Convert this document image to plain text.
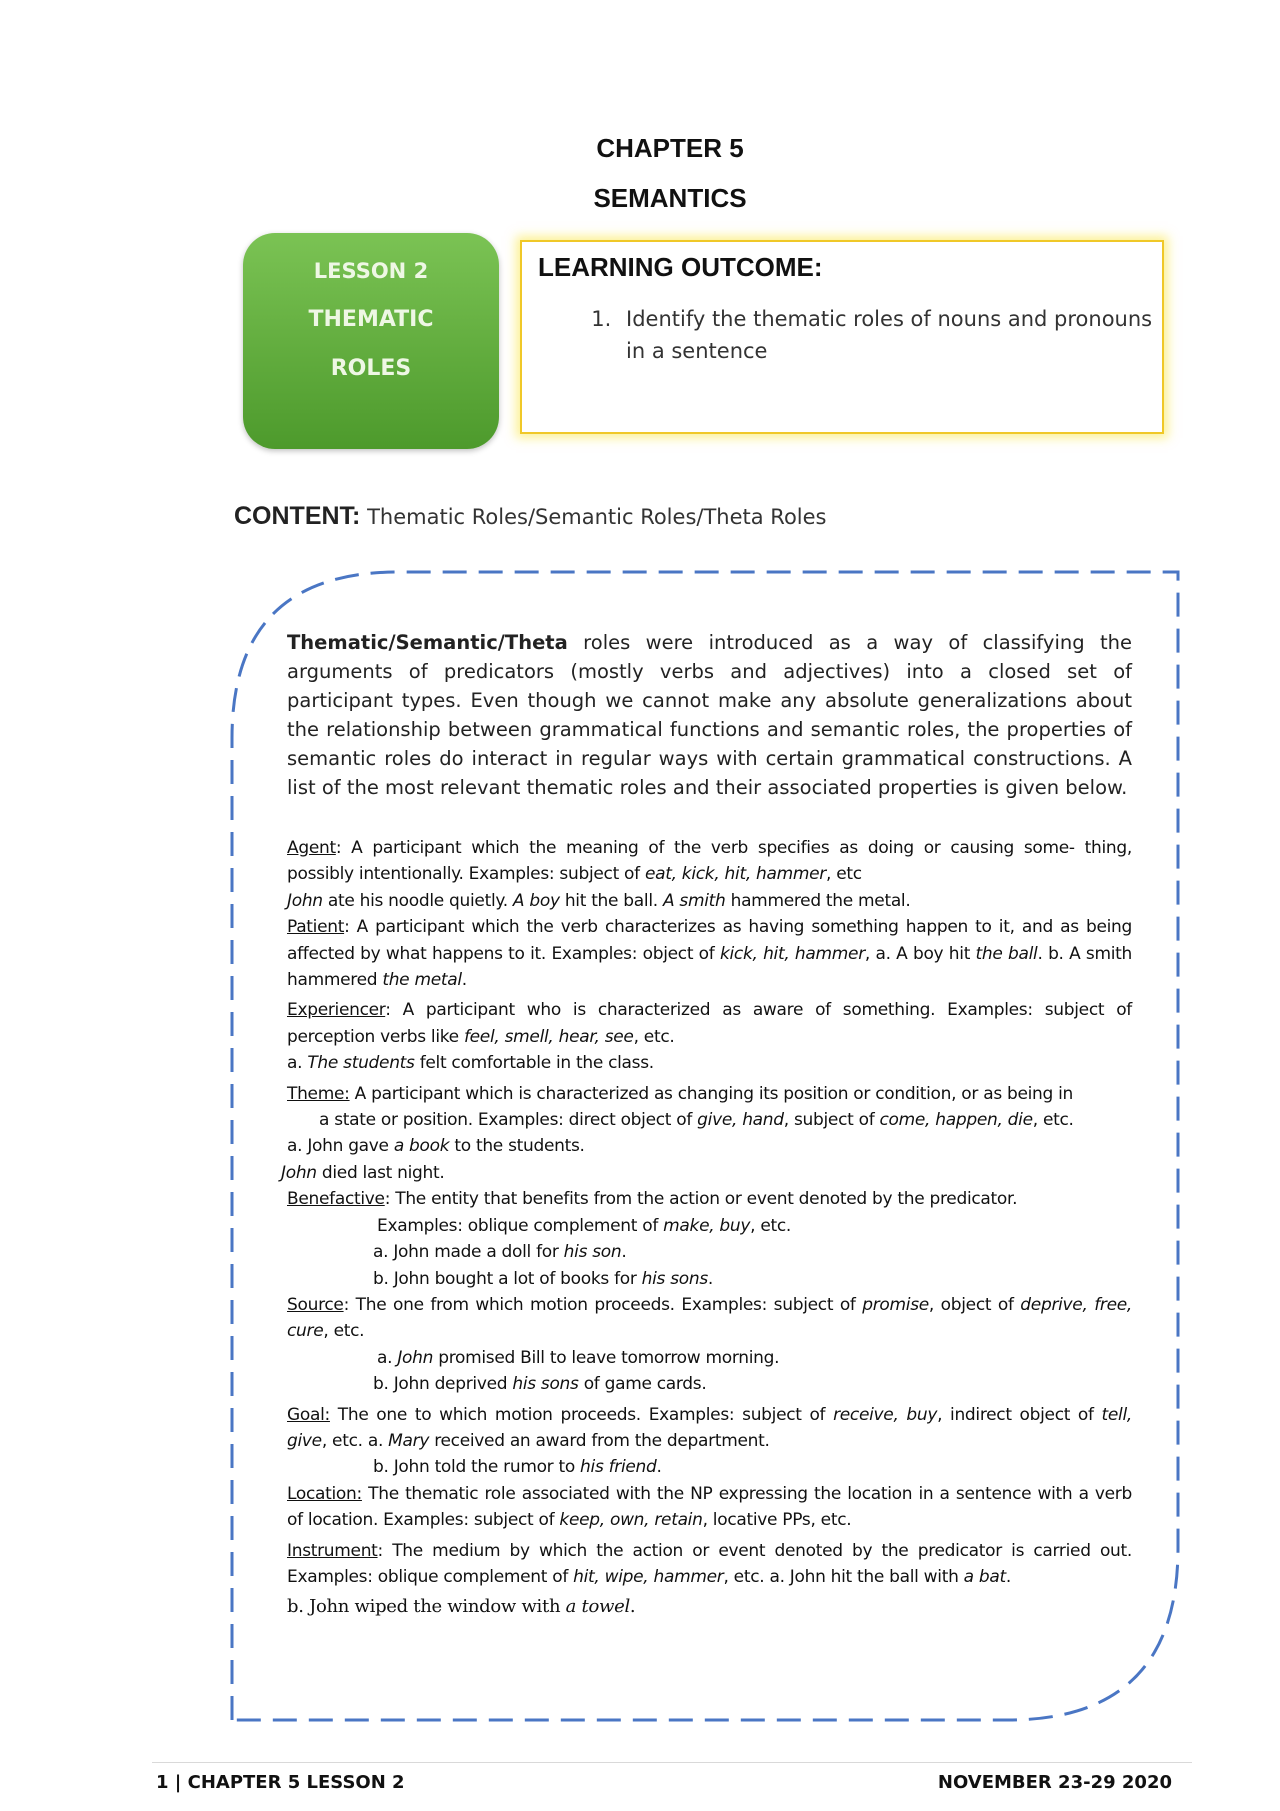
CHAPTER 5
SEMANTICS
LESSON 2
THEMATIC
ROLES
LEARNING OUTCOME:
1. Identify the thematic roles of nouns and pronouns in a sentence
CONTENT: Thematic Roles/Semantic Roles/Theta Roles
Thematic/Semantic/Theta roles were introduced as a way of classifying the arguments of predicators (mostly verbs and adjectives) into a closed set of participant types. Even though we cannot make any absolute generalizations about the relationship between grammatical functions and semantic roles, the properties of semantic roles do interact in regular ways with certain grammatical constructions. A list of the most relevant thematic roles and their associated properties is given below.

Agent: A participant which the meaning of the verb specifies as doing or causing some- thing, possibly intentionally. Examples: subject of eat, kick, hit, hammer, etc

John ate his noodle quietly. A boy hit the ball. A smith hammered the metal.

Patient: A participant which the verb characterizes as having something happen to it, and as being affected by what happens to it. Examples: object of kick, hit, hammer, a. A boy hit the ball. b. A smith hammered the metal.

Experiencer: A participant who is characterized as aware of something. Examples: subject of perception verbs like feel, smell, hear, see, etc.

a. The students felt comfortable in the class.

Theme: A participant which is characterized as changing its position or condition, or as being in

a state or position. Examples: direct object of give, hand, subject of come, happen, die, etc.

a. John gave a book to the students.

John died last night.

Benefactive: The entity that benefits from the action or event denoted by the predicator.

Examples: oblique complement of make, buy, etc.

a. John made a doll for his son.

b. John bought a lot of books for his sons.

Source: The one from which motion proceeds. Examples: subject of promise, object of deprive, free, cure, etc.

a. John promised Bill to leave tomorrow morning.

b. John deprived his sons of game cards.

Goal: The one to which motion proceeds. Examples: subject of receive, buy, indirect object of tell, give, etc. a. Mary received an award from the department.

b. John told the rumor to his friend.

Location: The thematic role associated with the NP expressing the location in a sentence with a verb of location. Examples: subject of keep, own, retain, locative PPs, etc.

Instrument: The medium by which the action or event denoted by the predicator is carried out. Examples: oblique complement of hit, wipe, hammer, etc. a. John hit the ball with a bat.

b. John wiped the window with a towel.

1 | CHAPTER 5 LESSON 2	NOVEMBER 23-29 2020
